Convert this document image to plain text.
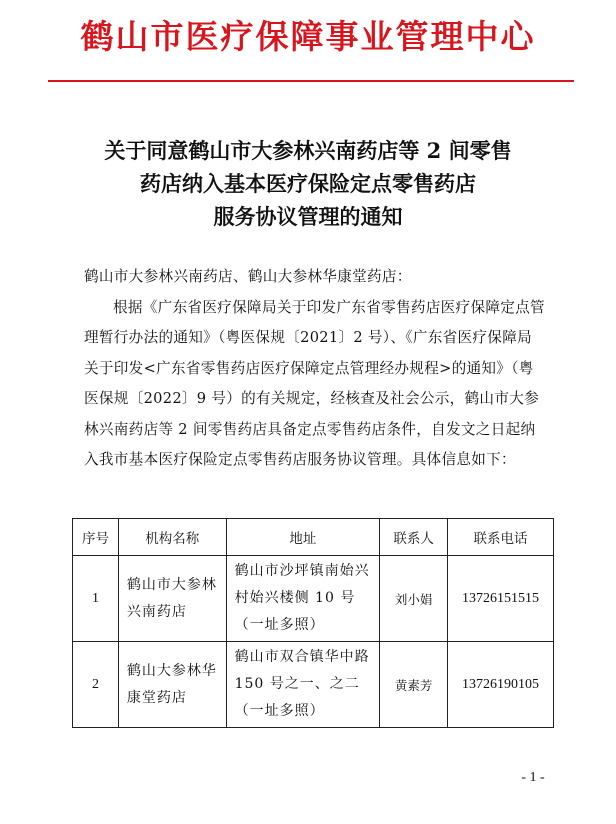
鹤山市医疗保障事业管理中心
关于同意鹤山市大参林兴南药店等 2 间零售
药店纳入基本医疗保险定点零售药店
服务协议管理的通知

鹤山市大参林兴南药店、鹤山大参林华康堂药店：

根据《广东省医疗保障局关于印发广东省零售药店医疗保障定点管理暂行办法的通知》（粤医保规〔2021〕2 号）、《广东省医疗保障局关于印发<广东省零售药店医疗保障定点管理经办规程>的通知》（粤医保规〔2022〕9 号）的有关规定，经核查及社会公示，鹤山市大参林兴南药店等 2 间零售药店具备定点零售药店条件，自发文之日起纳入我市基本医疗保险定点零售药店服务协议管理。具体信息如下：

序号	机构名称	地址	联系人	联系电话
1	鹤山市大参林兴南药店	鹤山市沙坪镇南始兴村始兴楼侧 10 号（一址多照）	刘小娟	13726151515
2	鹤山大参林华康堂药店	鹤山市双合镇华中路 150 号之一、之二（一址多照）	黄素芳	13726190105
- 1 -
